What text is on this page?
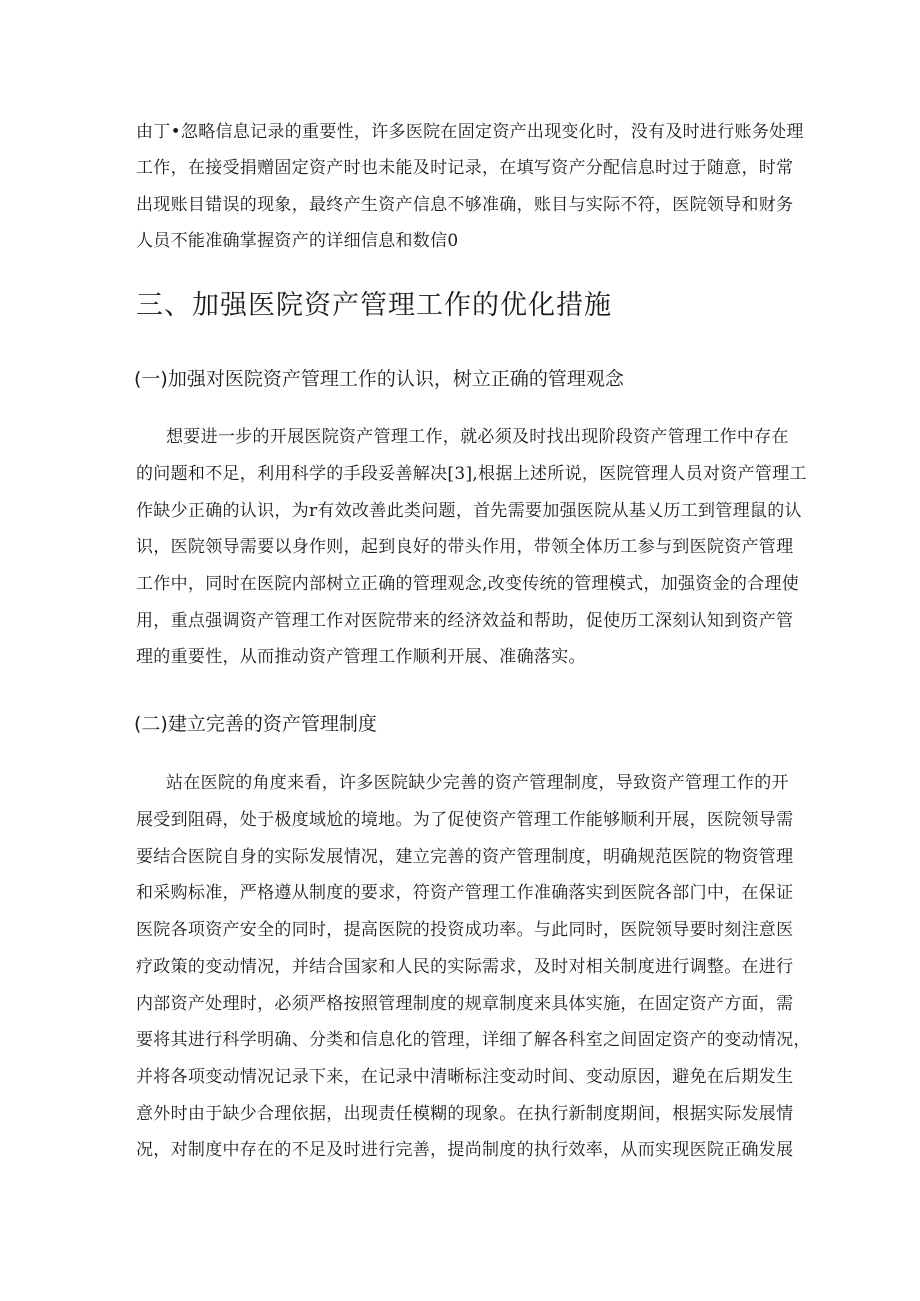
由丁•忽略信息记录的重要性，许多医院在固定资产出现变化时，没有及时进行账务处理
工作，在接受捐赠固定资产时也未能及时记录，在填写资产分配信息时过于随意，时常
出现账目错误的现象，最终产生资产信息不够准确，账目与实际不符，医院领导和财务
人员不能准确掌握资产的详细信息和数信0
三、加强医院资产管理工作的优化措施
(一)加强对医院资产管理工作的认识，树立正确的管理观念
想要进一步的开展医院资产管理工作，就必须及时找出现阶段资产管理工作中存在
的问题和不足，利用科学的手段妥善解决[3],根据上述所说，医院管理人员对资产管理工
作缺少正确的认识，为r有效改善此类问题，首先需要加强医院从基乂历工到管理鼠的认
识，医院领导需要以身作则，起到良好的带头作用，带领全体历工参与到医院资产管理
工作中，同时在医院内部树立正确的管理观念,改变传统的管理模式，加强资金的合理使
用，重点强调资产管理工作对医院带来的经济效益和帮助，促使历工深刻认知到资产管
理的重要性，从而推动资产管理工作顺利开展、准确落实。
(二)建立完善的资产管理制度
站在医院的角度来看，许多医院缺少完善的资产管理制度，导致资产管理工作的开
展受到阻碍，处于极度域尬的境地。为了促使资产管理工作能够顺利开展，医院领导需
要结合医院自身的实际发展情况，建立完善的资产管理制度，明确规范医院的物资管理
和采购标准，严格遵从制度的要求，符资产管理工作准确落实到医院各部门中，在保证
医院各项资产安全的同时，提高医院的投资成功率。与此同时，医院领导要时刻注意医
疗政策的变动情况，并结合国家和人民的实际需求，及时对相关制度进行调整。在进行
内部资产处理时，必须严格按照管理制度的规章制度来具体实施，在固定资产方面，需
要将其进行科学明确、分类和信息化的管理，详细了解各科室之间固定资产的变动情况，
并将各项变动情况记录下来，在记录中清晰标注变动时间、变动原因，避免在后期发生
意外时由于缺少合理依据，出现责任模糊的现象。在执行新制度期间，根据实际发展情
况，对制度中存在的不足及时进行完善，提尚制度的执行效率，从而实现医院正确发展
